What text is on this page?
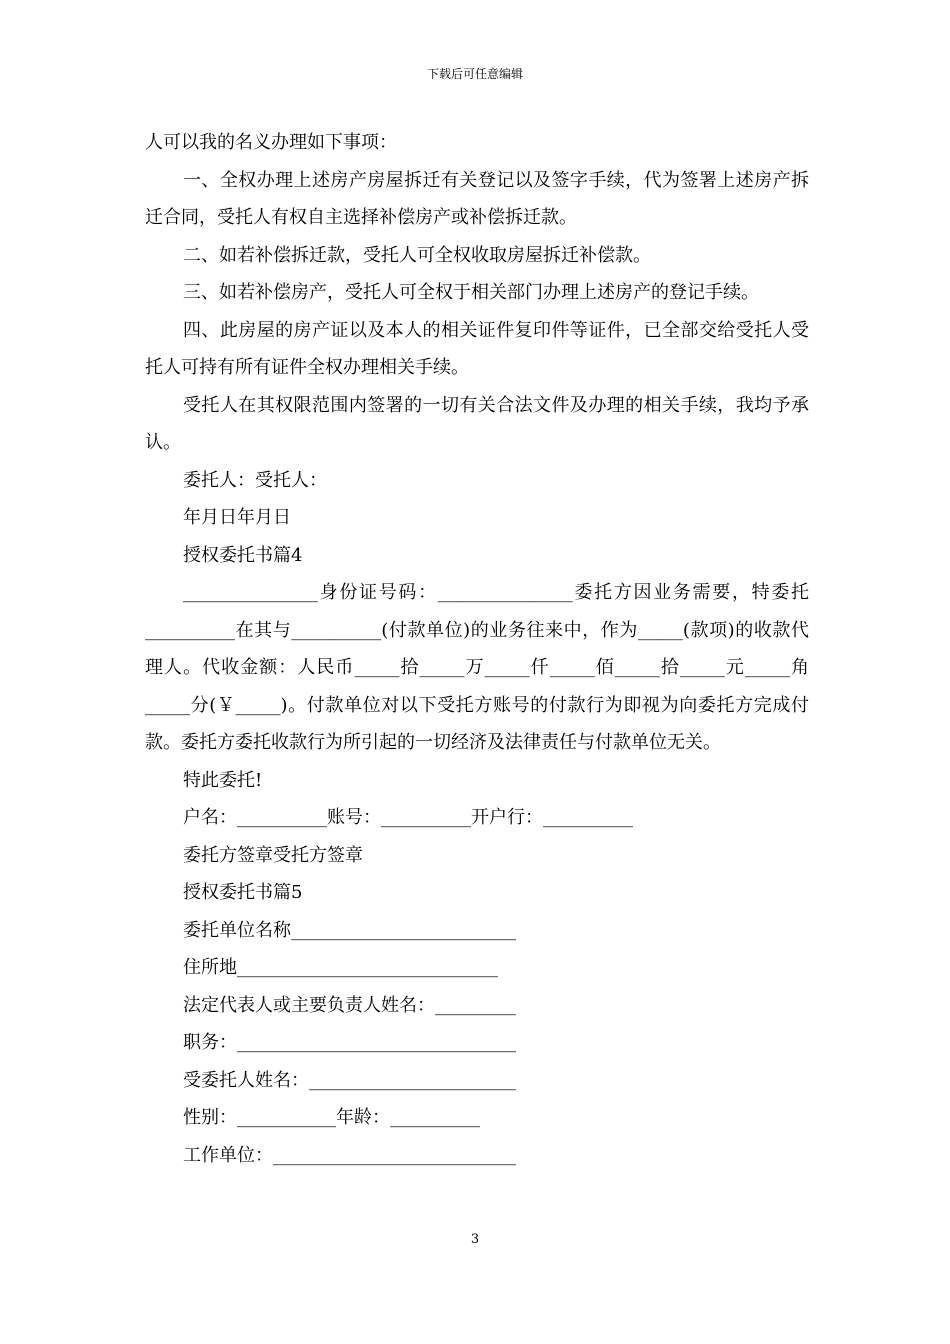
下载后可任意编辑

人可以我的名义办理如下事项：

一、全权办理上述房产房屋拆迁有关登记以及签字手续，代为签署上述房产拆迁合同，受托人有权自主选择补偿房产或补偿拆迁款。

二、如若补偿拆迁款，受托人可全权收取房屋拆迁补偿款。

三、如若补偿房产，受托人可全权于相关部门办理上述房产的登记手续。

四、此房屋的房产证以及本人的相关证件复印件等证件，已全部交给受托人受托人可持有所有证件全权办理相关手续。

受托人在其权限范围内签署的一切有关合法文件及办理的相关手续，我均予承认。

委托人：受托人：

年月日年月日

授权委托书篇4

_______________身份证号码：_______________委托方因业务需要，特委托__________在其与__________(付款单位)的业务往来中，作为_____(款项)的收款代理人。代收金额：人民币_____拾_____万_____仟_____佰_____拾_____元_____角_____分(￥_____)。付款单位对以下受托方账号的付款行为即视为向委托方完成付款。委托方委托收款行为所引起的一切经济及法律责任与付款单位无关。

特此委托!

户名：__________账号：__________开户行：__________

委托方签章受托方签章

授权委托书篇5

委托单位名称_________________________

住所地_____________________________

法定代表人或主要负责人姓名：_________

职务：_______________________________

受委托人姓名：_______________________

性别：___________年龄：__________

工作单位：___________________________

3
